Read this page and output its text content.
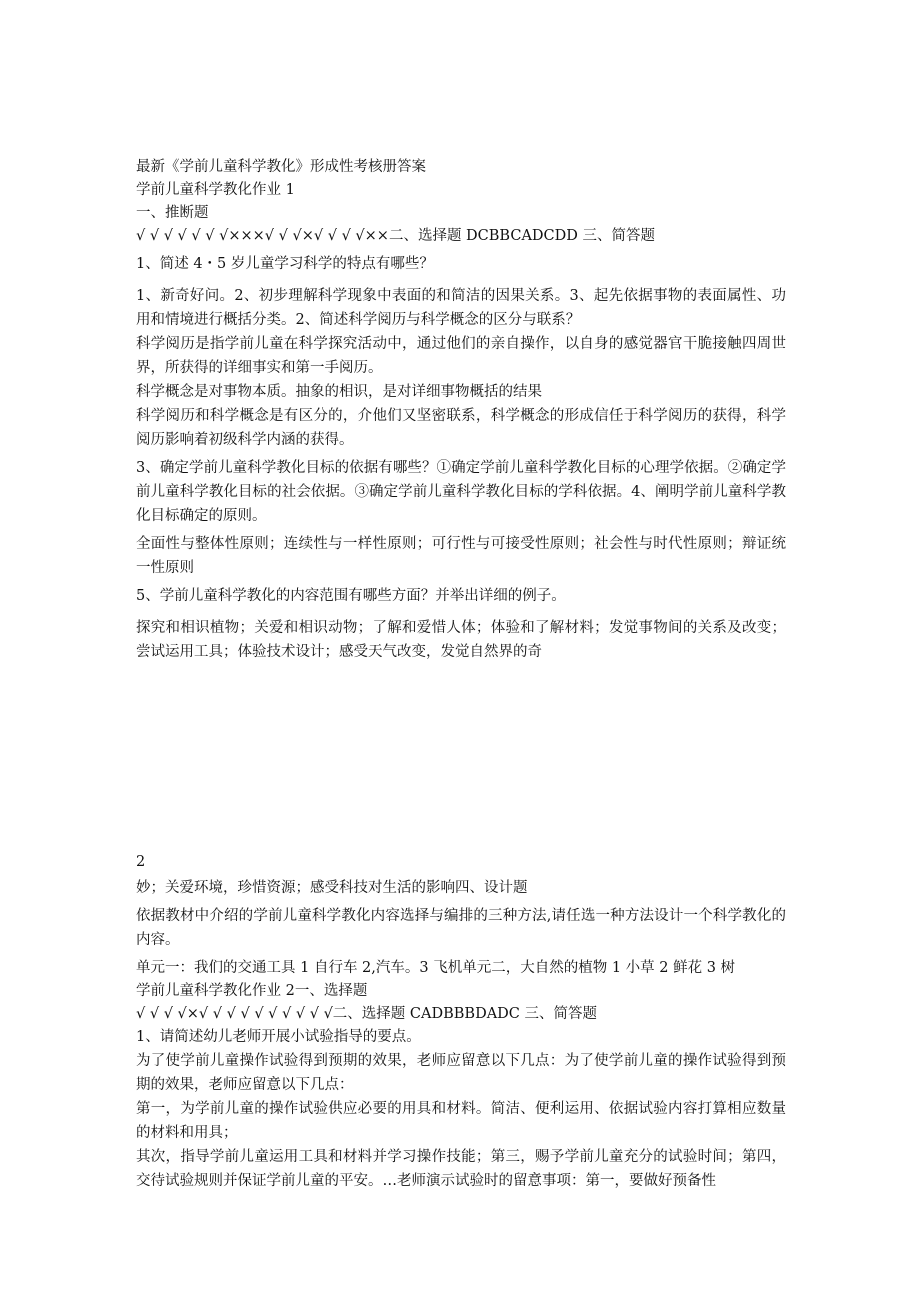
最新《学前儿童科学教化》形成性考核册答案

学前儿童科学教化作业 1

一、推断题

√ √ √ √ √ √ √×××√ √ √×√ √ √ √××二、选择题 DCBBCADCDD 三、简答题

1、简述 4・5 岁儿童学习科学的特点有哪些？

1、新奇好问。2、初步理解科学现象中表面的和简洁的因果关系。3、起先依据事物的表面属性、功用和情境进行概括分类。2、简述科学阅历与科学概念的区分与联系？

科学阅历是指学前儿童在科学探究活动中，通过他们的亲自操作，以自身的感觉器官干脆接触四周世界，所获得的详细事实和第一手阅历。

科学概念是对事物本质。抽象的相识，是对详细事物概括的结果

科学阅历和科学概念是有区分的，介他们又坚密联系，科学概念的形成信任于科学阅历的获得，科学阅历影响着初级科学内涵的获得。

3、确定学前儿童科学教化目标的依据有哪些？①确定学前儿童科学教化目标的心理学依据。②确定学前儿童科学教化目标的社会依据。③确定学前儿童科学教化目标的学科依据。4、阐明学前儿童科学教化目标确定的原则。

全面性与整体性原则；连续性与一样性原则；可行性与可接受性原则；社会性与时代性原则；辩证统一性原则

5、学前儿童科学教化的内容范围有哪些方面？并举出详细的例子。

探究和相识植物；关爱和相识动物；了解和爱惜人体；体验和了解材料；发觉事物间的关系及改变；尝试运用工具；体验技术设计；感受天气改变，发觉自然界的奇

2

妙；关爱环境，珍惜资源；感受科技对生活的影响四、设计题

依据教材中介绍的学前儿童科学教化内容选择与编排的三种方法,请任选一种方法设计一个科学教化的内容。

单元一：我们的交通工具 1 自行车 2,汽车。3 飞机单元二，大自然的植物 1 小草 2 鲜花 3 树

学前儿童科学教化作业 2一、选择题

√ √ √ √×√ √ √ √ √ √ √ √ √ √二、选择题 CADBBBDADC 三、简答题

1、请简述幼儿老师开展小试验指导的要点。

为了使学前儿童操作试验得到预期的效果，老师应留意以下几点：为了使学前儿童的操作试验得到预期的效果，老师应留意以下几点：

第一，为学前儿童的操作试验供应必要的用具和材料。简洁、便利运用、依据试验内容打算相应数量的材料和用具；

其次，指导学前儿童运用工具和材料并学习操作技能；第三，赐予学前儿童充分的试验时间；第四，交待试验规则并保证学前儿童的平安。…老师演示试验时的留意事项：第一，要做好预备性
